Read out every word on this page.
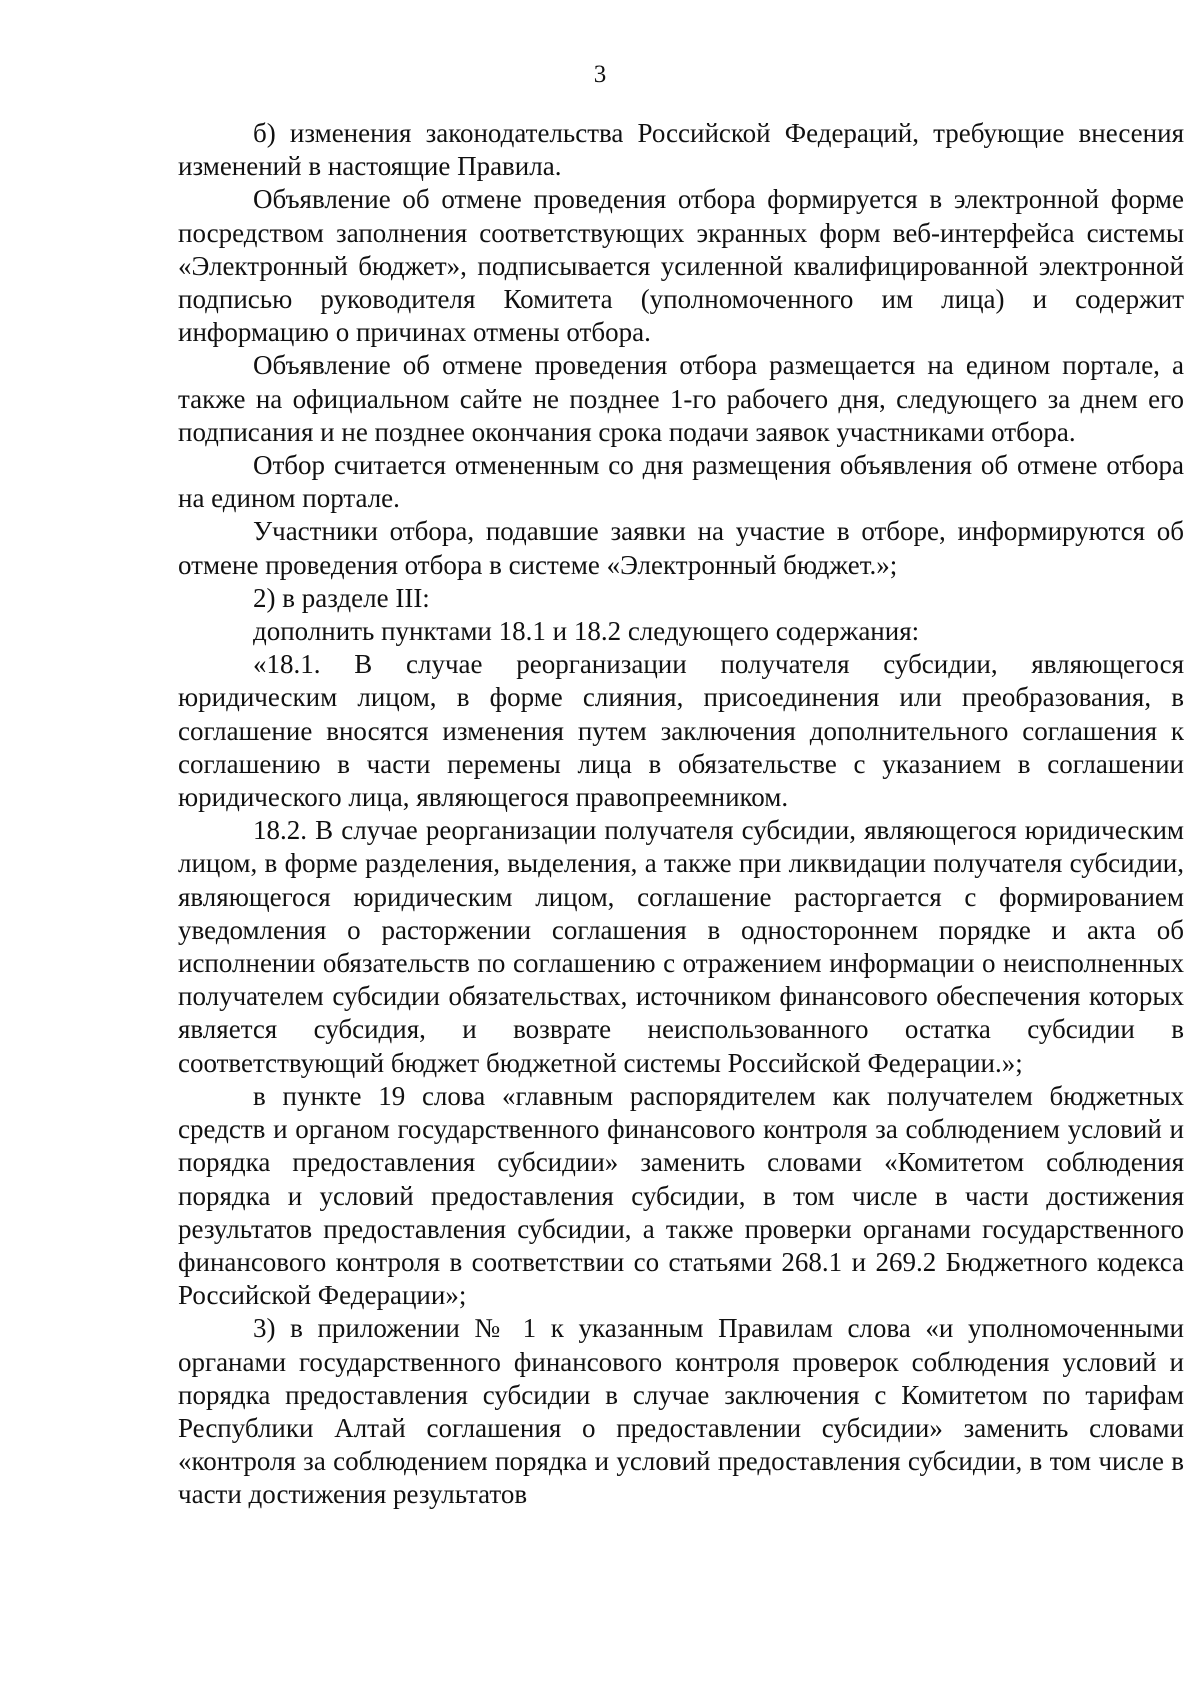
3

б) изменения законодательства Российской Федераций, требующие внесения изменений в настоящие Правила.

Объявление об отмене проведения отбора формируется в электронной форме посредством заполнения соответствующих экранных форм веб-интерфейса системы «Электронный бюджет», подписывается усиленной квалифицированной электронной подписью руководителя Комитета (уполномоченного им лица) и содержит информацию о причинах отмены отбора.

Объявление об отмене проведения отбора размещается на едином портале, а также на официальном сайте не позднее 1-го рабочего дня, следующего за днем его подписания и не позднее окончания срока подачи заявок участниками отбора.

Отбор считается отмененным со дня размещения объявления об отмене отбора на едином портале.

Участники отбора, подавшие заявки на участие в отборе, информируются об отмене проведения отбора в системе «Электронный бюджет.»;

2) в разделе III:

дополнить пунктами 18.1 и 18.2 следующего содержания:

«18.1. В случае реорганизации получателя субсидии, являющегося юридическим лицом, в форме слияния, присоединения или преобразования, в соглашение вносятся изменения путем заключения дополнительного соглашения к соглашению в части перемены лица в обязательстве с указанием в соглашении юридического лица, являющегося правопреемником.

18.2. В случае реорганизации получателя субсидии, являющегося юридическим лицом, в форме разделения, выделения, а также при ликвидации получателя субсидии, являющегося юридическим лицом, соглашение расторгается с формированием уведомления о расторжении соглашения в одностороннем порядке и акта об исполнении обязательств по соглашению с отражением информации о неисполненных получателем субсидии обязательствах, источником финансового обеспечения которых является субсидия, и возврате неиспользованного остатка субсидии в соответствующий бюджет бюджетной системы Российской Федерации.»;

в пункте 19 слова «главным распорядителем как получателем бюджетных средств и органом государственного финансового контроля за соблюдением условий и порядка предоставления субсидии» заменить словами «Комитетом соблюдения порядка и условий предоставления субсидии, в том числе в части достижения результатов предоставления субсидии, а также проверки органами государственного финансового контроля в соответствии со статьями 268.1 и 269.2 Бюджетного кодекса Российской Федерации»;

3) в приложении № 1 к указанным Правилам слова «и уполномоченными органами государственного финансового контроля проверок соблюдения условий и порядка предоставления субсидии в случае заключения с Комитетом по тарифам Республики Алтай соглашения о предоставлении субсидии» заменить словами «контроля за соблюдением порядка и условий предоставления субсидии, в том числе в части достижения результатов
